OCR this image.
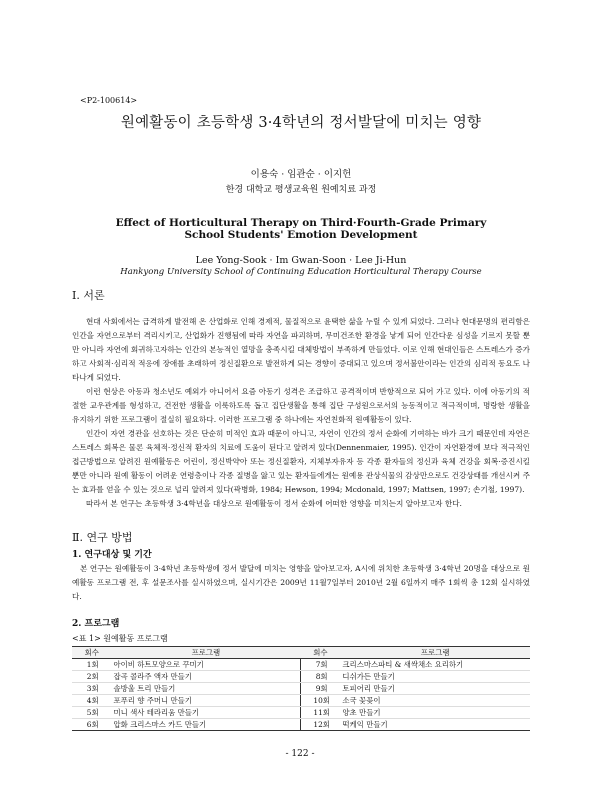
<P2-100614>
원예활동이 초등학생 3·4학년의 정서발달에 미치는 영향
이용숙 · 임관순 · 이지헌
한경 대학교 평생교육원 원예치료 과정
Effect of Horticultural Therapy on Third·Fourth-Grade Primary School Students' Emotion Development
Lee Yong-Sook · Im Gwan-Soon · Lee Ji-Hun
Hankyong University School of Continuing Education Horticultural Therapy Course
Ⅰ. 서론

현대 사회에서는 급격하게 발전해 온 산업화로 인해 경제적, 물질적으로 윤택한 삶을 누릴 수 있게 되었다. 그러나 현대문명의 편리함은 인간을 자연으로부터 격리시키고, 산업화가 진행됨에 따라 자연을 파괴하며, 무미건조한 환경을 낳게 되어 인간다운 심성을 기르지 못할 뿐만 아니라 자연에 회귀하고자하는 인간의 본능적인 열망을 충족시킬 대체방법이 부족하게 만들었다. 이로 인해 현대인들은 스트레스가 증가하고 사회적·심리적 적응에 장애를 초래하여 정신질환으로 발전하게 되는 경향이 증대되고 있으며 정서불안이라는 인간의 심리적 동요도 나타나게 되었다.

이런 현상은 아동과 청소년도 예외가 아니어서 요즘 아동기 성격은 조급하고 공격적이며 반항적으로 되어 가고 있다. 이에 아동기의 적절한 교우관계를 형성하고, 건전한 생활을 이룩하도록 돕고 집단생활을 통해 집단 구성원으로서의 능동적이고 적극적이며, 명랑한 생활을 유지하기 위한 프로그램이 절실히 필요하다. 이러한 프로그램 중 하나에는 자연친화적 원예활동이 있다.

인간이 자연 경관을 선호하는 것은 단순히 미적인 효과 때문이 아니고, 자연이 인간의 정서 순화에 기여하는 바가 크기 때문인데 자연은 스트레스 회복은 물론 육체적·정신적 환자의 치료에 도움이 된다고 알려져 있다(Dennenmaier, 1995). 인간이 자연환경에 보다 적극적인 접근방법으로 알려진 원예활동은 어린이, 정신박약아 또는 정신질환자, 지체부자유자 등 각종 환자들의 정신과 육체 건강을 회복·증진시킬 뿐만 아니라 원예 활동이 어려운 연령층이나 각종 질병을 앓고 있는 환자들에게는 원예용 관상식물의 감상만으로도 건강상태를 개선시켜 주는 효과를 얻을 수 있는 것으로 널리 알려져 있다(곽병화, 1984; Hewson, 1994; Mcdonald, 1997; Mattsen, 1997; 손기철, 1997).

따라서 본 연구는 초등학생 3·4학년을 대상으로 원예활동이 정서 순화에 어떠한 영향을 미치는지 알아보고자 한다.

Ⅱ. 연구 방법
1. 연구대상 및 기간

본 연구는 원예활동이 3·4학년 초등학생에 정서 발달에 미치는 영향을 알아보고자, A시에 위치한 초등학생 3·4학년 20명을 대상으로 원예활동 프로그램 전, 후 설문조사를 실시하였으며, 실시기간은 2009년 11월7일부터 2010년 2월 6일까지 매주 1회씩 총 12회 실시하였다.

2. 프로그램
<표 1> 원예활동 프로그램
회수	프로그램	회수	프로그램
1회	아이비 하트모양으로 꾸미기	7회	크리스마스파티 & 새싹채소 요리하기
2회	잡곡 콜라주 액자 만들기	8회	디쉬가든 만들기
3회	솔방울 트리 만들기	9회	토피어리 만들기
4회	포푸리 향 주머니 만들기	10회	소국 꽃꽂이
5회	미니 색사 테라리움 만들기	11회	양초 만들기
6회	압화 크리스마스 카드 만들기	12회	떡케익 만들기
- 122 -
